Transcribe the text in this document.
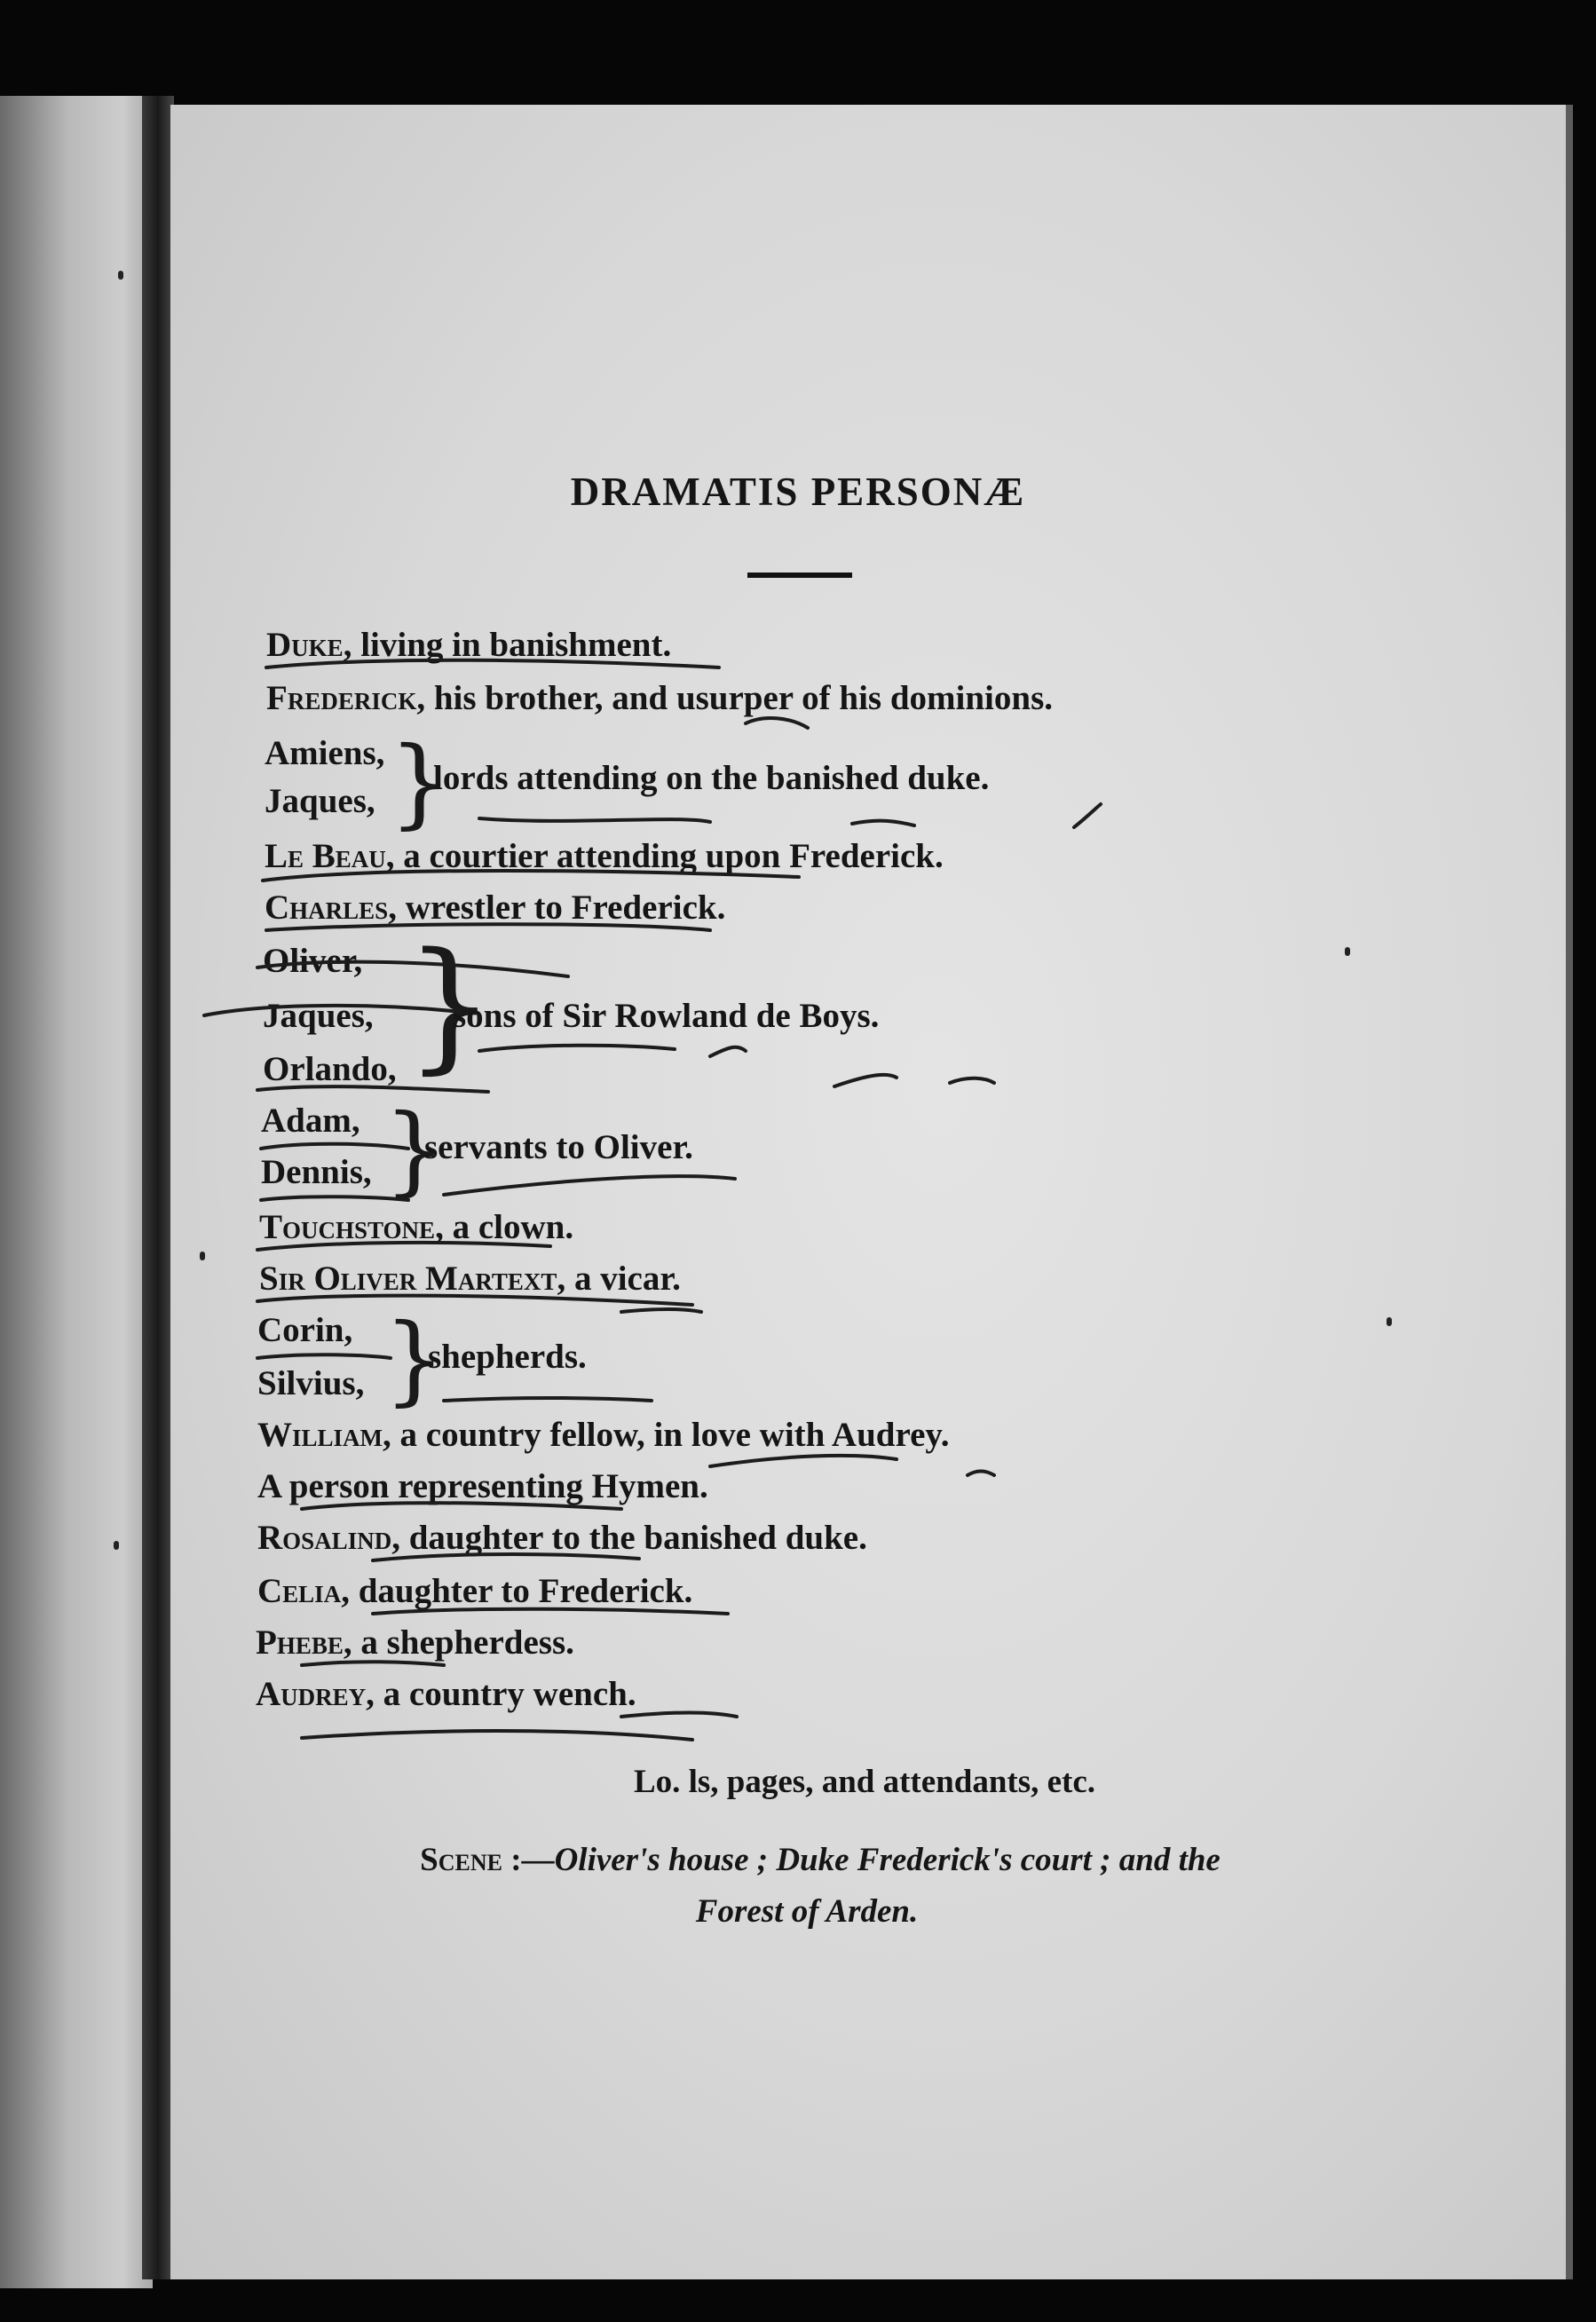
DRAMATIS PERSONÆ
Duke, living in banishment.
Frederick, his brother, and usurper of his dominions.
Amiens,
Jaques, }
lords attending on the banished duke.
Le Beau, a courtier attending upon Frederick.
Charles, wrestler to Frederick.
Oliver,
Jaques,
Orlando, }
sons of Sir Rowland de Boys.
Adam,
Dennis, }
servants to Oliver.
Touchstone, a clown.
Sir Oliver Martext, a vicar.
Corin,
Silvius, }
shepherds.
William, a country fellow, in love with Audrey.
A person representing Hymen.
Rosalind, daughter to the banished duke.
Celia, daughter to Frederick.
Phebe, a shepherdess.
Audrey, a country wench.
Lo. ls, pages, and attendants, etc.
Scene :—Oliver's house ; Duke Frederick's court ; and the
Forest of Arden.
